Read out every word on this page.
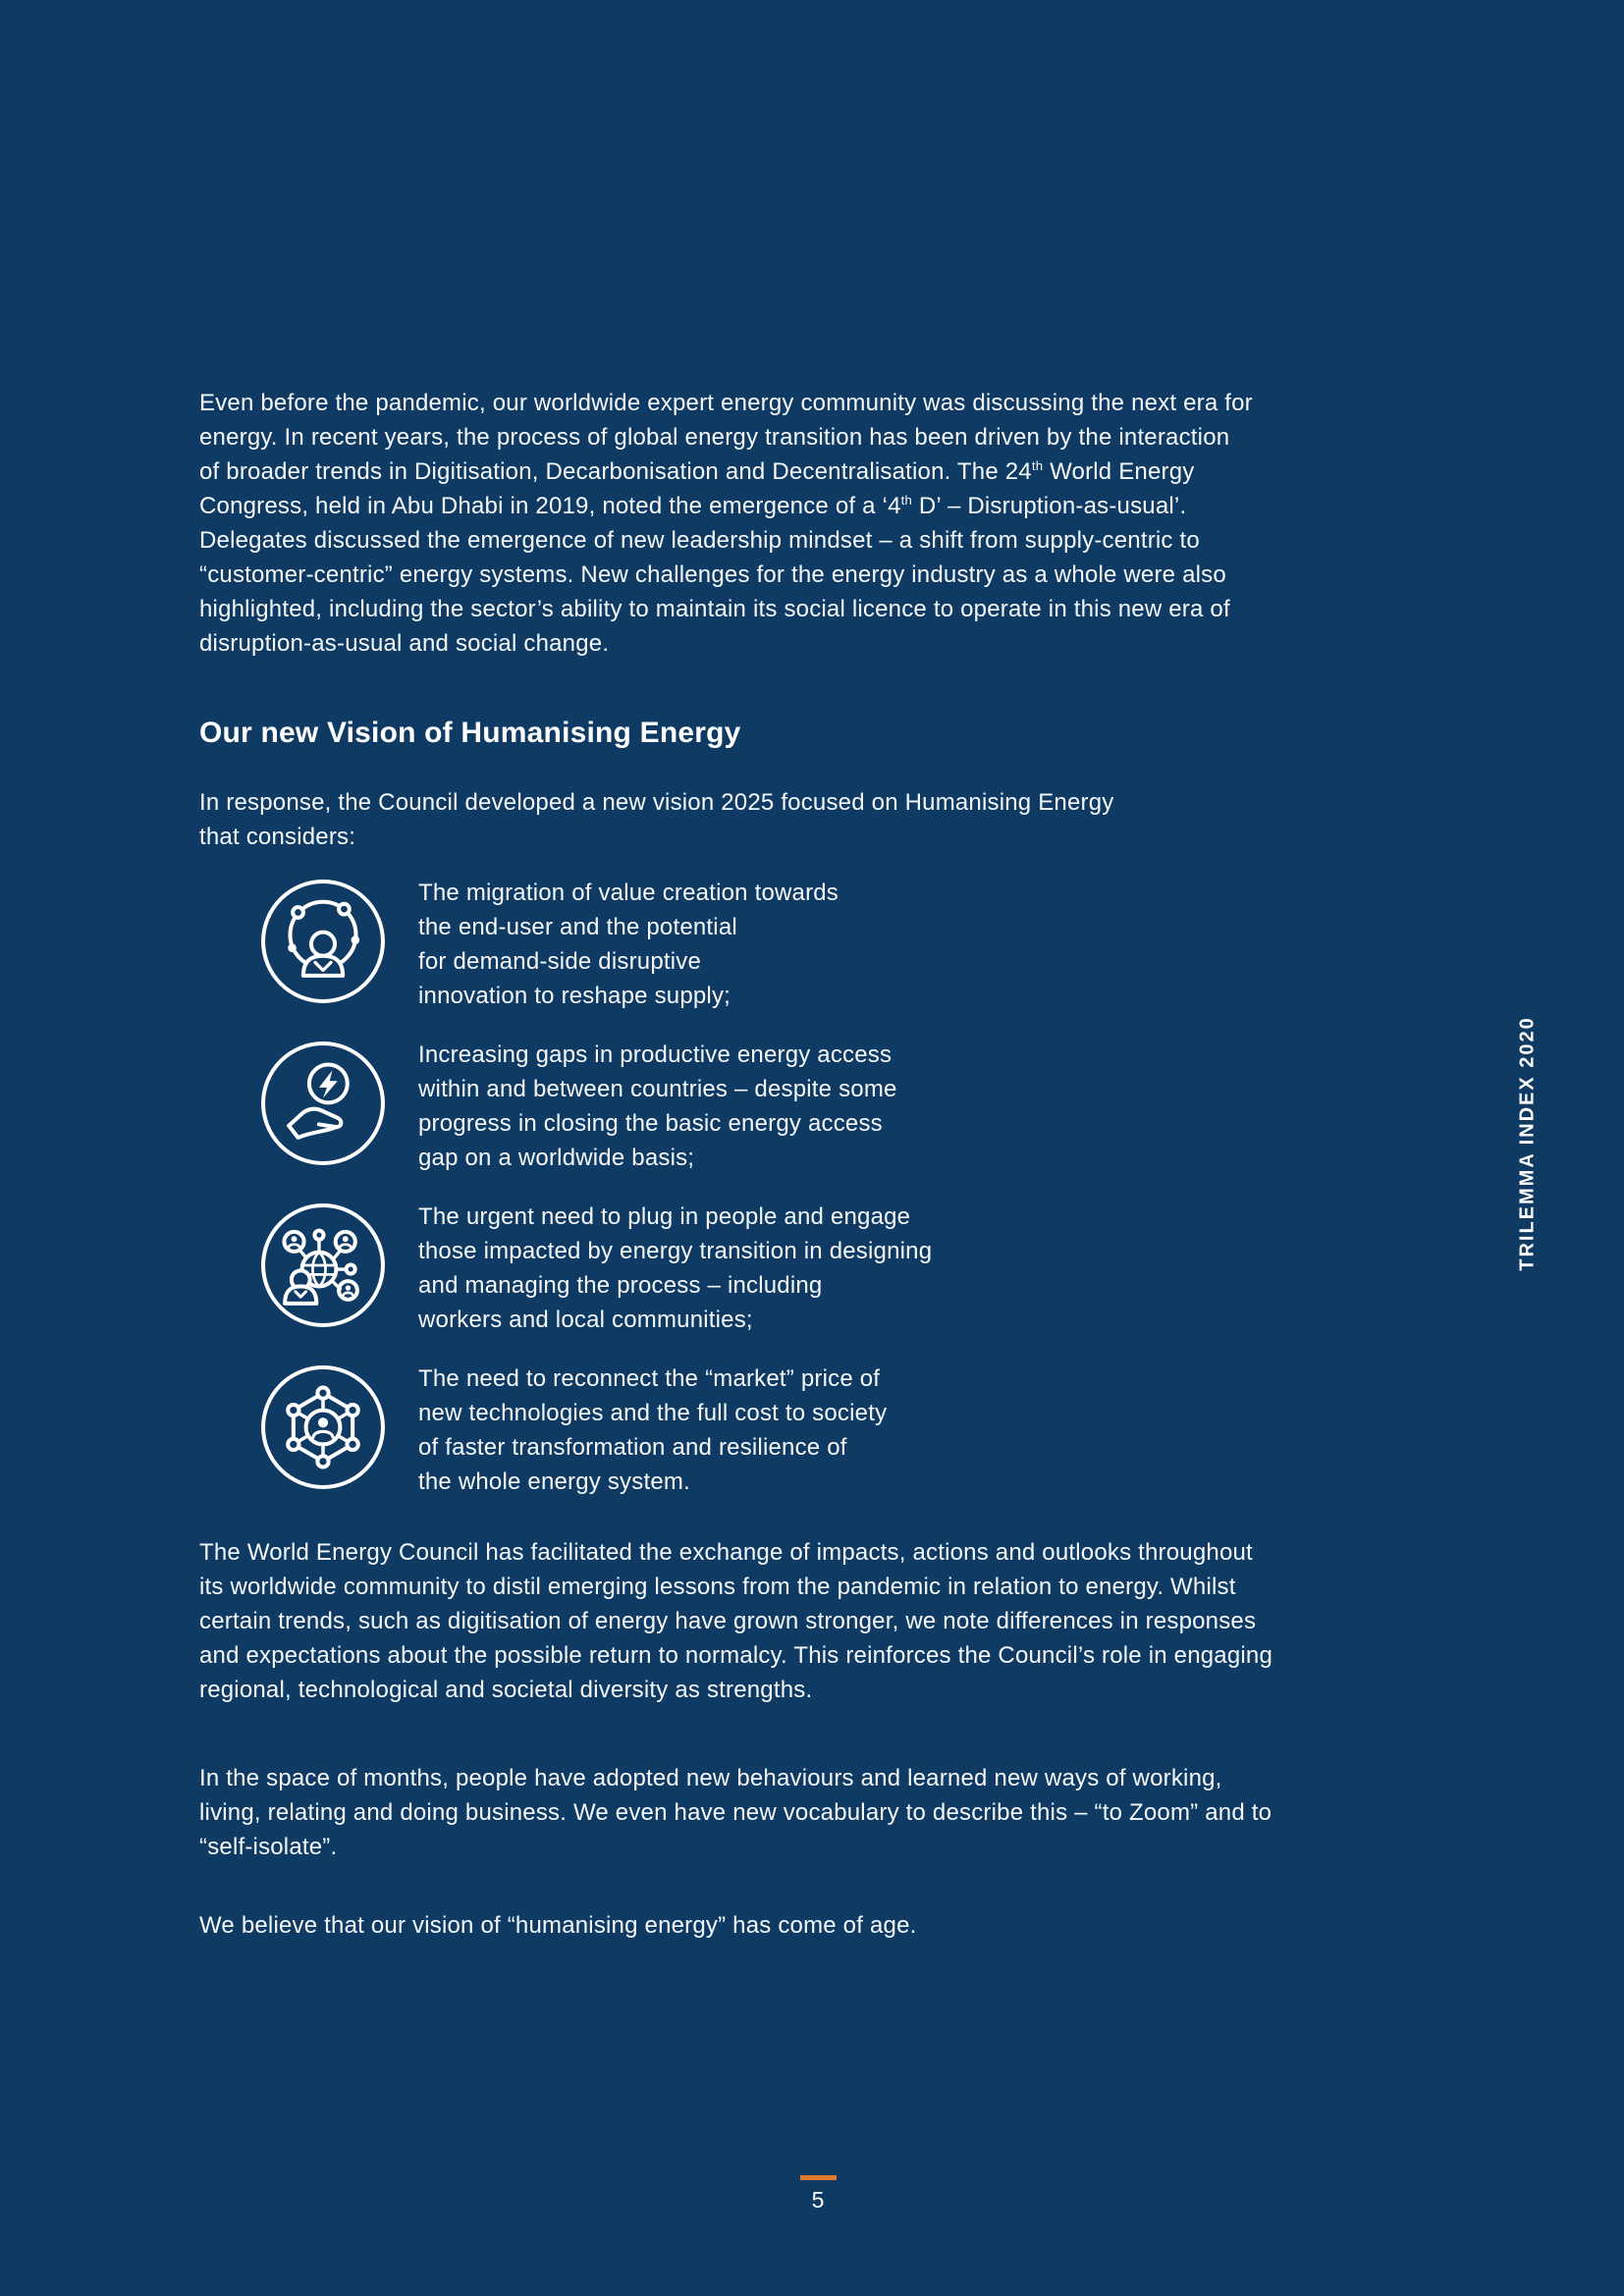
Even before the pandemic, our worldwide expert energy community was discussing the next era for
energy. In recent years, the process of global energy transition has been driven by the interaction
of broader trends in Digitisation, Decarbonisation and Decentralisation. The 24th World Energy
Congress, held in Abu Dhabi in 2019, noted the emergence of a ‘4th D’ – Disruption-as-usual’.
Delegates discussed the emergence of new leadership mindset – a shift from supply-centric to
“customer-centric” energy systems. New challenges for the energy industry as a whole were also
highlighted, including the sector’s ability to maintain its social licence to operate in this new era of
disruption-as-usual and social change.

Our new Vision of Humanising Energy

In response, the Council developed a new vision 2025 focused on Humanising Energy
that considers:

The migration of value creation towards
the end-user and the potential
for demand-side disruptive
innovation to reshape supply;
Increasing gaps in productive energy access
within and between countries – despite some
progress in closing the basic energy access
gap on a worldwide basis;
The urgent need to plug in people and engage
those impacted by energy transition in designing
and managing the process – including
workers and local communities;
The need to reconnect the “market” price of
new technologies and the full cost to society
of faster transformation and resilience of
the whole energy system.

The World Energy Council has facilitated the exchange of impacts, actions and outlooks throughout
its worldwide community to distil emerging lessons from the pandemic in relation to energy. Whilst
certain trends, such as digitisation of energy have grown stronger, we note differences in responses
and expectations about the possible return to normalcy. This reinforces the Council’s role in engaging
regional, technological and societal diversity as strengths.

In the space of months, people have adopted new behaviours and learned new ways of working,
living, relating and doing business. We even have new vocabulary to describe this – “to Zoom” and to
“self-isolate”.

We believe that our vision of “humanising energy” has come of age.

TRILEMMA INDEX 2020
5
